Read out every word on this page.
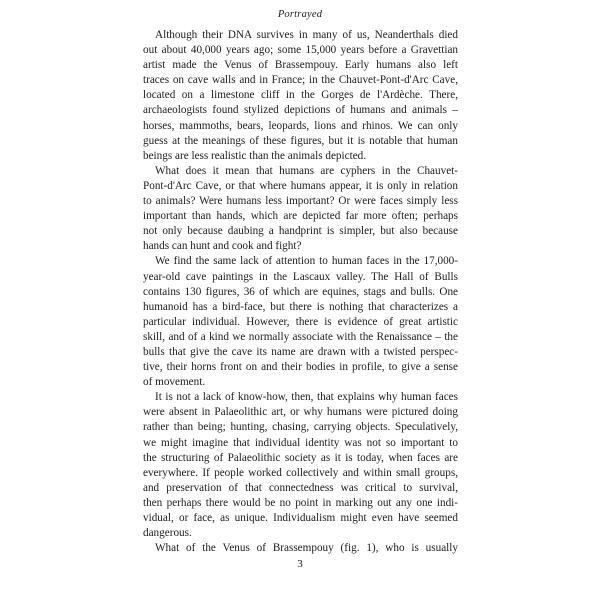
Portrayed
Although their DNA survives in many of us, Neanderthals died
out about 40,000 years ago; some 15,000 years before a Gravettian
artist made the Venus of Brassempouy. Early humans also left
traces on cave walls and in France; in the Chauvet-Pont-d'Arc Cave,
located on a limestone cliff in the Gorges de l'Ardèche. There,
archaeologists found stylized depictions of humans and animals –
horses, mammoths, bears, leopards, lions and rhinos. We can only
guess at the meanings of these figures, but it is notable that human
beings are less realistic than the animals depicted.
What does it mean that humans are cyphers in the Chauvet-
Pont-d'Arc Cave, or that where humans appear, it is only in relation
to animals? Were humans less important? Or were faces simply less
important than hands, which are depicted far more often; perhaps
not only because daubing a handprint is simpler, but also because
hands can hunt and cook and fight?
We find the same lack of attention to human faces in the 17,000-
year-old cave paintings in the Lascaux valley. The Hall of Bulls
contains 130 figures, 36 of which are equines, stags and bulls. One
humanoid has a bird-face, but there is nothing that characterizes a
particular individual. However, there is evidence of great artistic
skill, and of a kind we normally associate with the Renaissance – the
bulls that give the cave its name are drawn with a twisted perspec-
tive, their horns front on and their bodies in profile, to give a sense
of movement.
It is not a lack of know-how, then, that explains why human faces
were absent in Palaeolithic art, or why humans were pictured doing
rather than being; hunting, chasing, carrying objects. Speculatively,
we might imagine that individual identity was not so important to
the structuring of Palaeolithic society as it is today, when faces are
everywhere. If people worked collectively and within small groups,
and preservation of that connectedness was critical to survival,
then perhaps there would be no point in marking out any one indi-
vidual, or face, as unique. Individualism might even have seemed
dangerous.
What of the Venus of Brassempouy (fig. 1), who is usually
3
